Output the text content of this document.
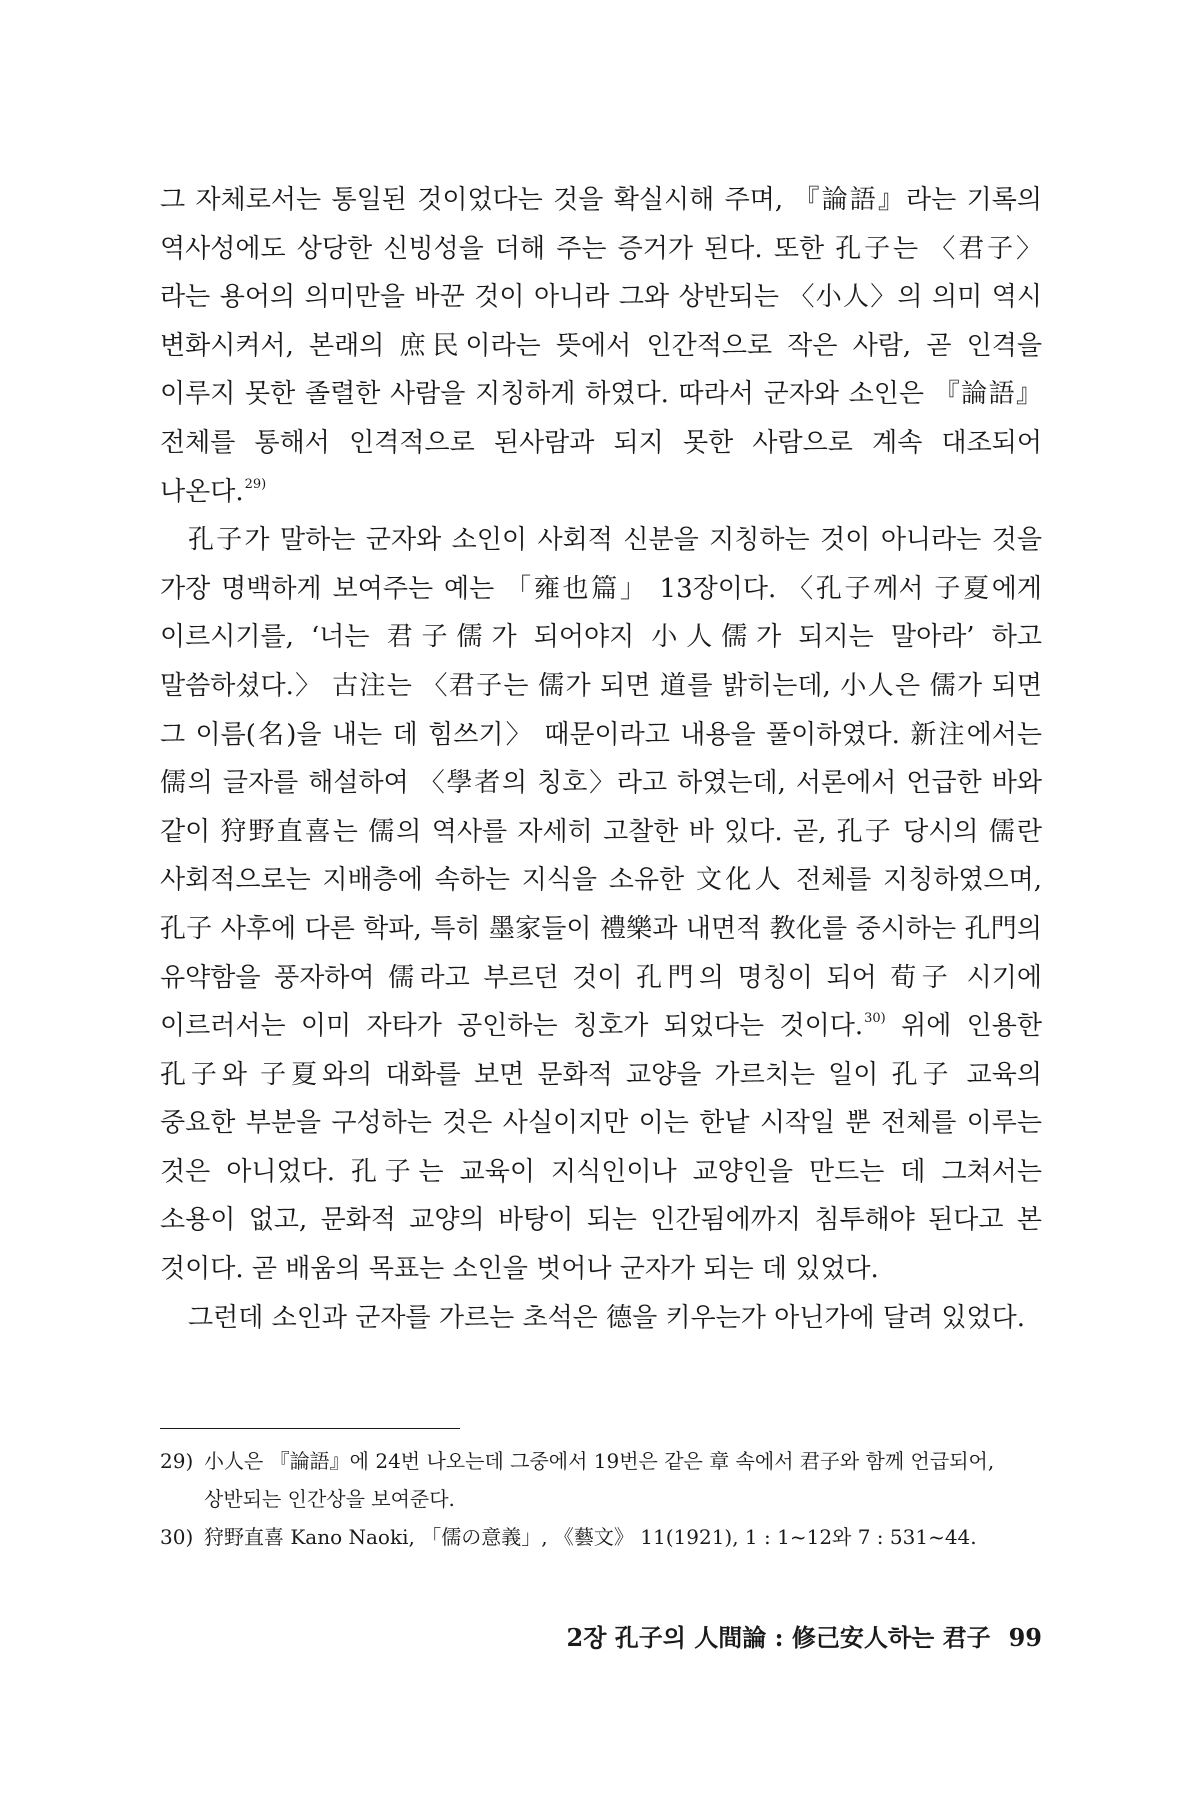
그 자체로서는 통일된 것이었다는 것을 확실시해 주며, 『論語』라는 기록의 역사성에도 상당한 신빙성을 더해 주는 증거가 된다. 또한 孔子는 〈君子〉라는 용어의 의미만을 바꾼 것이 아니라 그와 상반되는 〈小人〉의 의미 역시 변화시켜서, 본래의 庶民이라는 뜻에서 인간적으로 작은 사람, 곧 인격을 이루지 못한 졸렬한 사람을 지칭하게 하였다. 따라서 군자와 소인은 『論語』 전체를 통해서 인격적으로 된사람과 되지 못한 사람으로 계속 대조되어 나온다.$^{29)}$

孔子가 말하는 군자와 소인이 사회적 신분을 지칭하는 것이 아니라는 것을 가장 명백하게 보여주는 예는 「雍也篇」 13장이다. 〈孔子께서 子夏에게 이르시기를, ‘너는 君子儒가 되어야지 小人儒가 되지는 말아라’ 하고 말씀하셨다.〉 古注는 〈君子는 儒가 되면 道를 밝히는데, 小人은 儒가 되면 그 이름(名)을 내는 데 힘쓰기〉 때문이라고 내용을 풀이하였다. 新注에서는 儒의 글자를 해설하여 〈學者의 칭호〉라고 하였는데, 서론에서 언급한 바와 같이 狩野直喜는 儒의 역사를 자세히 고찰한 바 있다. 곧, 孔子 당시의 儒란 사회적으로는 지배층에 속하는 지식을 소유한 文化人 전체를 지칭하였으며, 孔子 사후에 다른 학파, 특히 墨家들이 禮樂과 내면적 教化를 중시하는 孔門의 유약함을 풍자하여 儒라고 부르던 것이 孔門의 명칭이 되어 荀子 시기에 이르러서는 이미 자타가 공인하는 칭호가 되었다는 것이다.$^{30)}$ 위에 인용한 孔子와 子夏와의 대화를 보면 문화적 교양을 가르치는 일이 孔子 교육의 중요한 부분을 구성하는 것은 사실이지만 이는 한낱 시작일 뿐 전체를 이루는 것은 아니었다. 孔子는 교육이 지식인이나 교양인을 만드는 데 그쳐서는 소용이 없고, 문화적 교양의 바탕이 되는 인간됨에까지 침투해야 된다고 본 것이다. 곧 배움의 목표는 소인을 벗어나 군자가 되는 데 있었다.

그런데 소인과 군자를 가르는 초석은 德을 키우는가 아닌가에 달려 있었다.

29) 小人은 『論語』에 24번 나오는데 그중에서 19번은 같은 章 속에서 君子와 함께 언급되어, 상반되는 인간상을 보여준다.

30) 狩野直喜 Kano Naoki, 「儒の意義」, 《藝文》 11(1921), 1 : 1~12와 7 : 531~44.

2장 孔子의 人間論 : 修己安人하는 君子 99
